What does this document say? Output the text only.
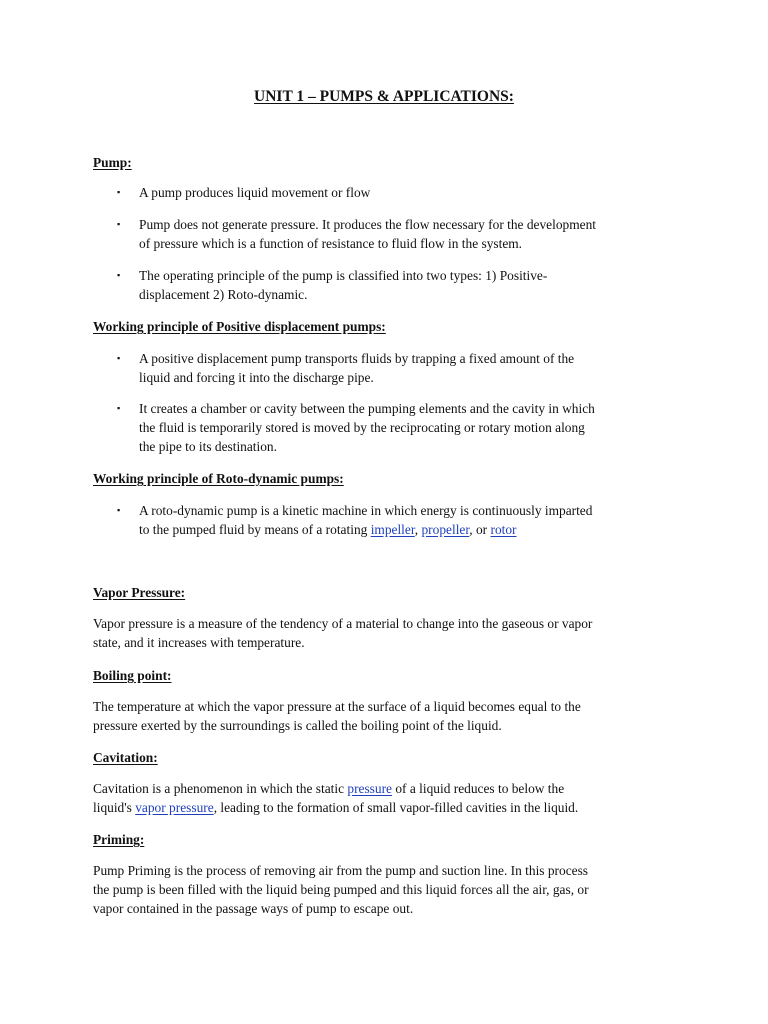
UNIT 1 – PUMPS & APPLICATIONS:
Pump:
▪ A pump produces liquid movement or flow
▪ Pump does not generate pressure. It produces the flow necessary for the development
of pressure which is a function of resistance to fluid flow in the system.
▪ The operating principle of the pump is classified into two types: 1) Positive-
displacement 2) Roto-dynamic.
Working principle of Positive displacement pumps:
▪ A positive displacement pump transports fluids by trapping a fixed amount of the
liquid and forcing it into the discharge pipe.
▪ It creates a chamber or cavity between the pumping elements and the cavity in which
the fluid is temporarily stored is moved by the reciprocating or rotary motion along
the pipe to its destination.
Working principle of Roto-dynamic pumps:
▪ A roto-dynamic pump is a kinetic machine in which energy is continuously imparted
to the pumped fluid by means of a rotating impeller, propeller, or rotor
Vapor Pressure:
Vapor pressure is a measure of the tendency of a material to change into the gaseous or vapor
state, and it increases with temperature.
Boiling point:
The temperature at which the vapor pressure at the surface of a liquid becomes equal to the
pressure exerted by the surroundings is called the boiling point of the liquid.
Cavitation:
Cavitation is a phenomenon in which the static pressure of a liquid reduces to below the
liquid's vapor pressure, leading to the formation of small vapor-filled cavities in the liquid.
Priming:
Pump Priming is the process of removing air from the pump and suction line. In this process
the pump is been filled with the liquid being pumped and this liquid forces all the air, gas, or
vapor contained in the passage ways of pump to escape out.
